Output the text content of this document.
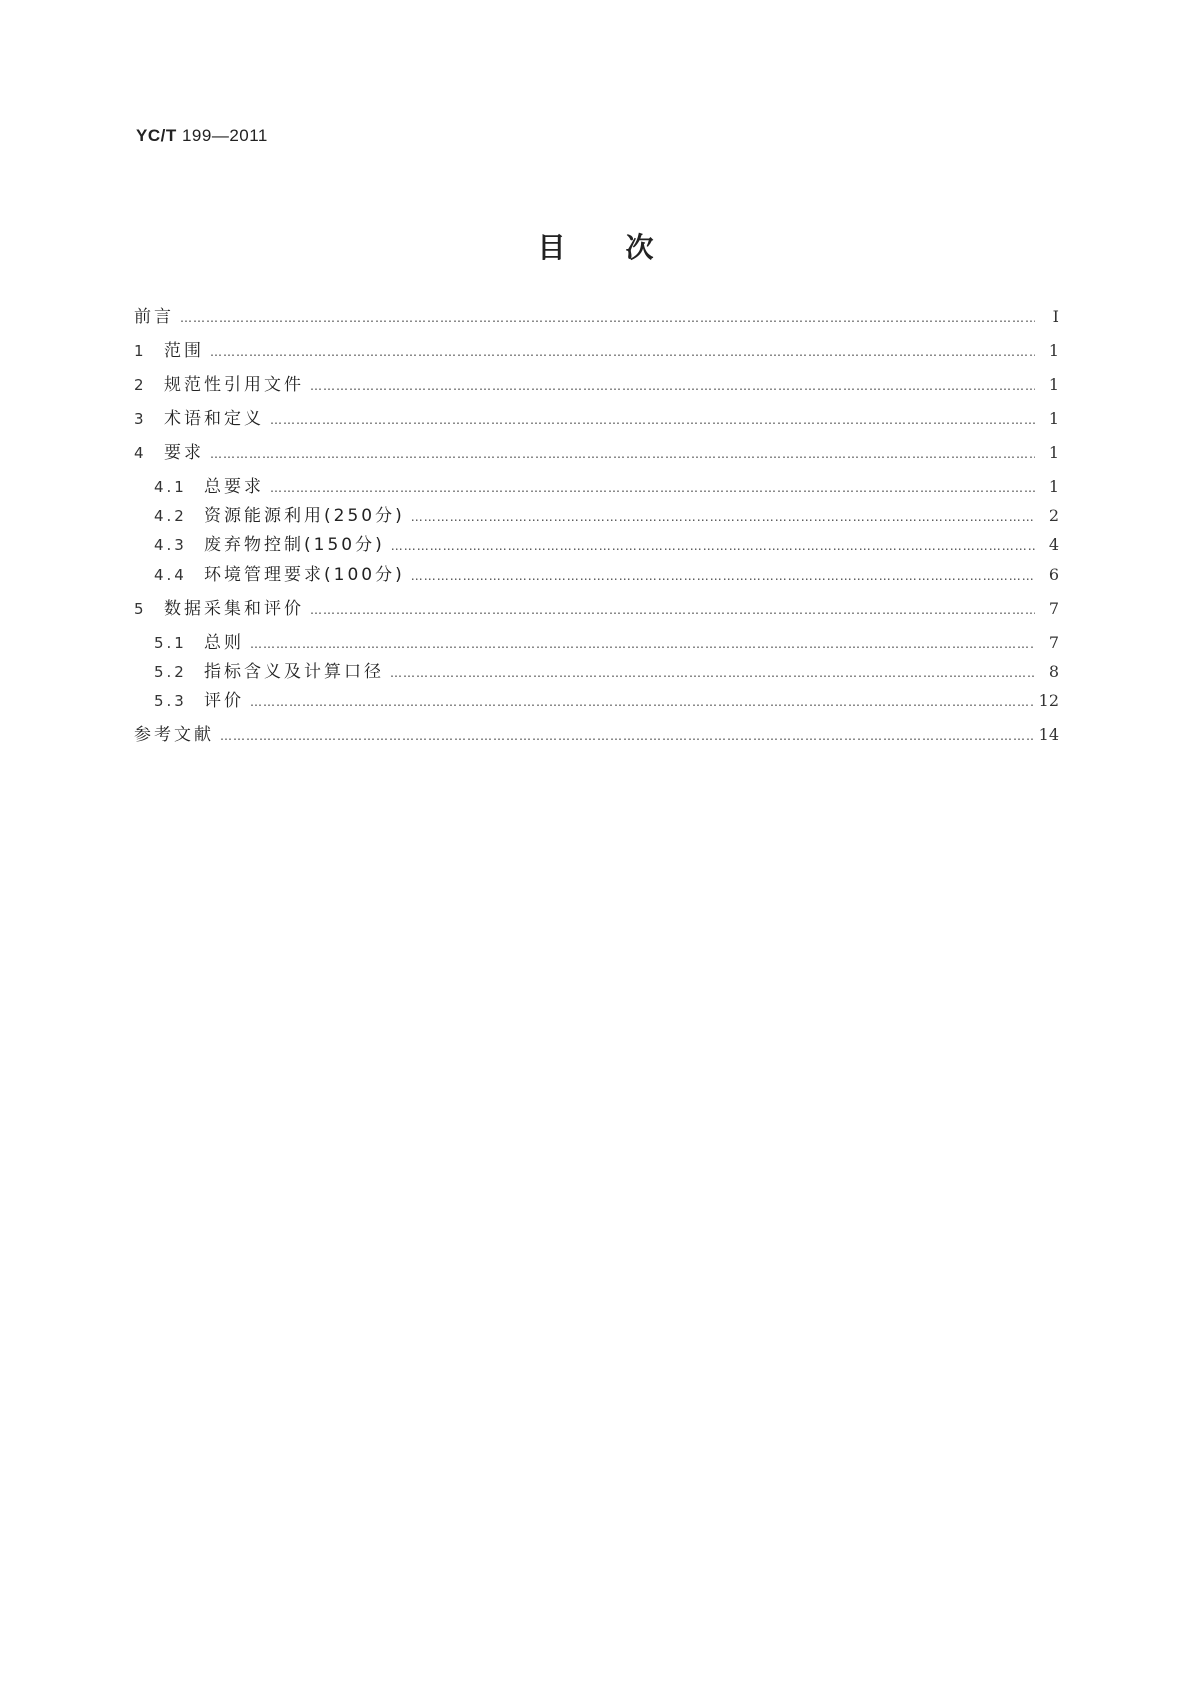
YC/T 199—2011
目 次
前言 …………………………………………………………………………………………………………………………………………………………………………………………………………………………………………………	Ⅰ
1	范围 …………………………………………………………………………………………………………………………………………………………………………………………………………………………………………………	1
2	规范性引用文件 …………………………………………………………………………………………………………………………………………………………………………………………………………………………………………………	1
3	术语和定义 …………………………………………………………………………………………………………………………………………………………………………………………………………………………………………………	1
4	要求 …………………………………………………………………………………………………………………………………………………………………………………………………………………………………………………	1
4.1	总要求 …………………………………………………………………………………………………………………………………………………………………………………………………………………………………………………	1
4.2	资源能源利用(250分) …………………………………………………………………………………………………………………………………………………………………………………………………………………………………………………	2
4.3	废弃物控制(150分) …………………………………………………………………………………………………………………………………………………………………………………………………………………………………………………	4
4.4	环境管理要求(100分) …………………………………………………………………………………………………………………………………………………………………………………………………………………………………………………	6
5	数据采集和评价 …………………………………………………………………………………………………………………………………………………………………………………………………………………………………………………	7
5.1	总则 …………………………………………………………………………………………………………………………………………………………………………………………………………………………………………………	7
5.2	指标含义及计算口径 …………………………………………………………………………………………………………………………………………………………………………………………………………………………………………………	8
5.3	评价 …………………………………………………………………………………………………………………………………………………………………………………………………………………………………………………	12
参考文献 …………………………………………………………………………………………………………………………………………………………………………………………………………………………………………………	14
